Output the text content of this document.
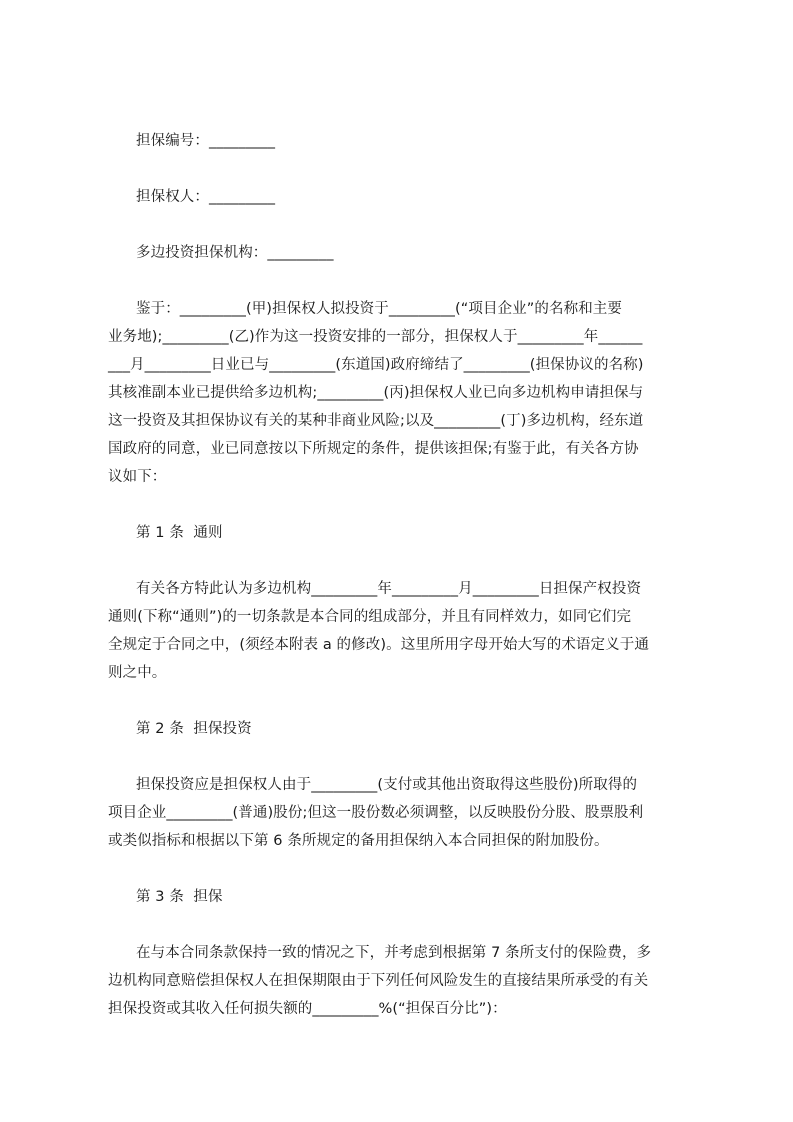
担保编号：_________
担保权人：_________
多边投资担保机构：_________
鉴于：_________(甲)担保权人拟投资于_________(“项目企业”的名称和主要
业务地);_________(乙)作为这一投资安排的一部分，担保权人于_________年______
___月_________日业已与_________(东道国)政府缔结了_________(担保协议的名称)
其核准副本业已提供给多边机构;_________(丙)担保权人业已向多边机构申请担保与
这一投资及其担保协议有关的某种非商业风险;以及_________(丁)多边机构，经东道
国政府的同意，业已同意按以下所规定的条件，提供该担保;有鉴于此，有关各方协
议如下：
第 1 条  通则
有关各方特此认为多边机构_________年_________月_________日担保产权投资
通则(下称“通则”)的一切条款是本合同的组成部分，并且有同样效力，如同它们完
全规定于合同之中，(须经本附表 a 的修改)。这里所用字母开始大写的术语定义于通
则之中。
第 2 条  担保投资
担保投资应是担保权人由于_________(支付或其他出资取得这些股份)所取得的
项目企业_________(普通)股份;但这一股份数必须调整，以反映股份分股、股票股利
或类似指标和根据以下第 6 条所规定的备用担保纳入本合同担保的附加股份。
第 3 条  担保
在与本合同条款保持一致的情况之下，并考虑到根据第 7 条所支付的保险费，多
边机构同意赔偿担保权人在担保期限由于下列任何风险发生的直接结果所承受的有关
担保投资或其收入任何损失额的_________%(“担保百分比”)：
